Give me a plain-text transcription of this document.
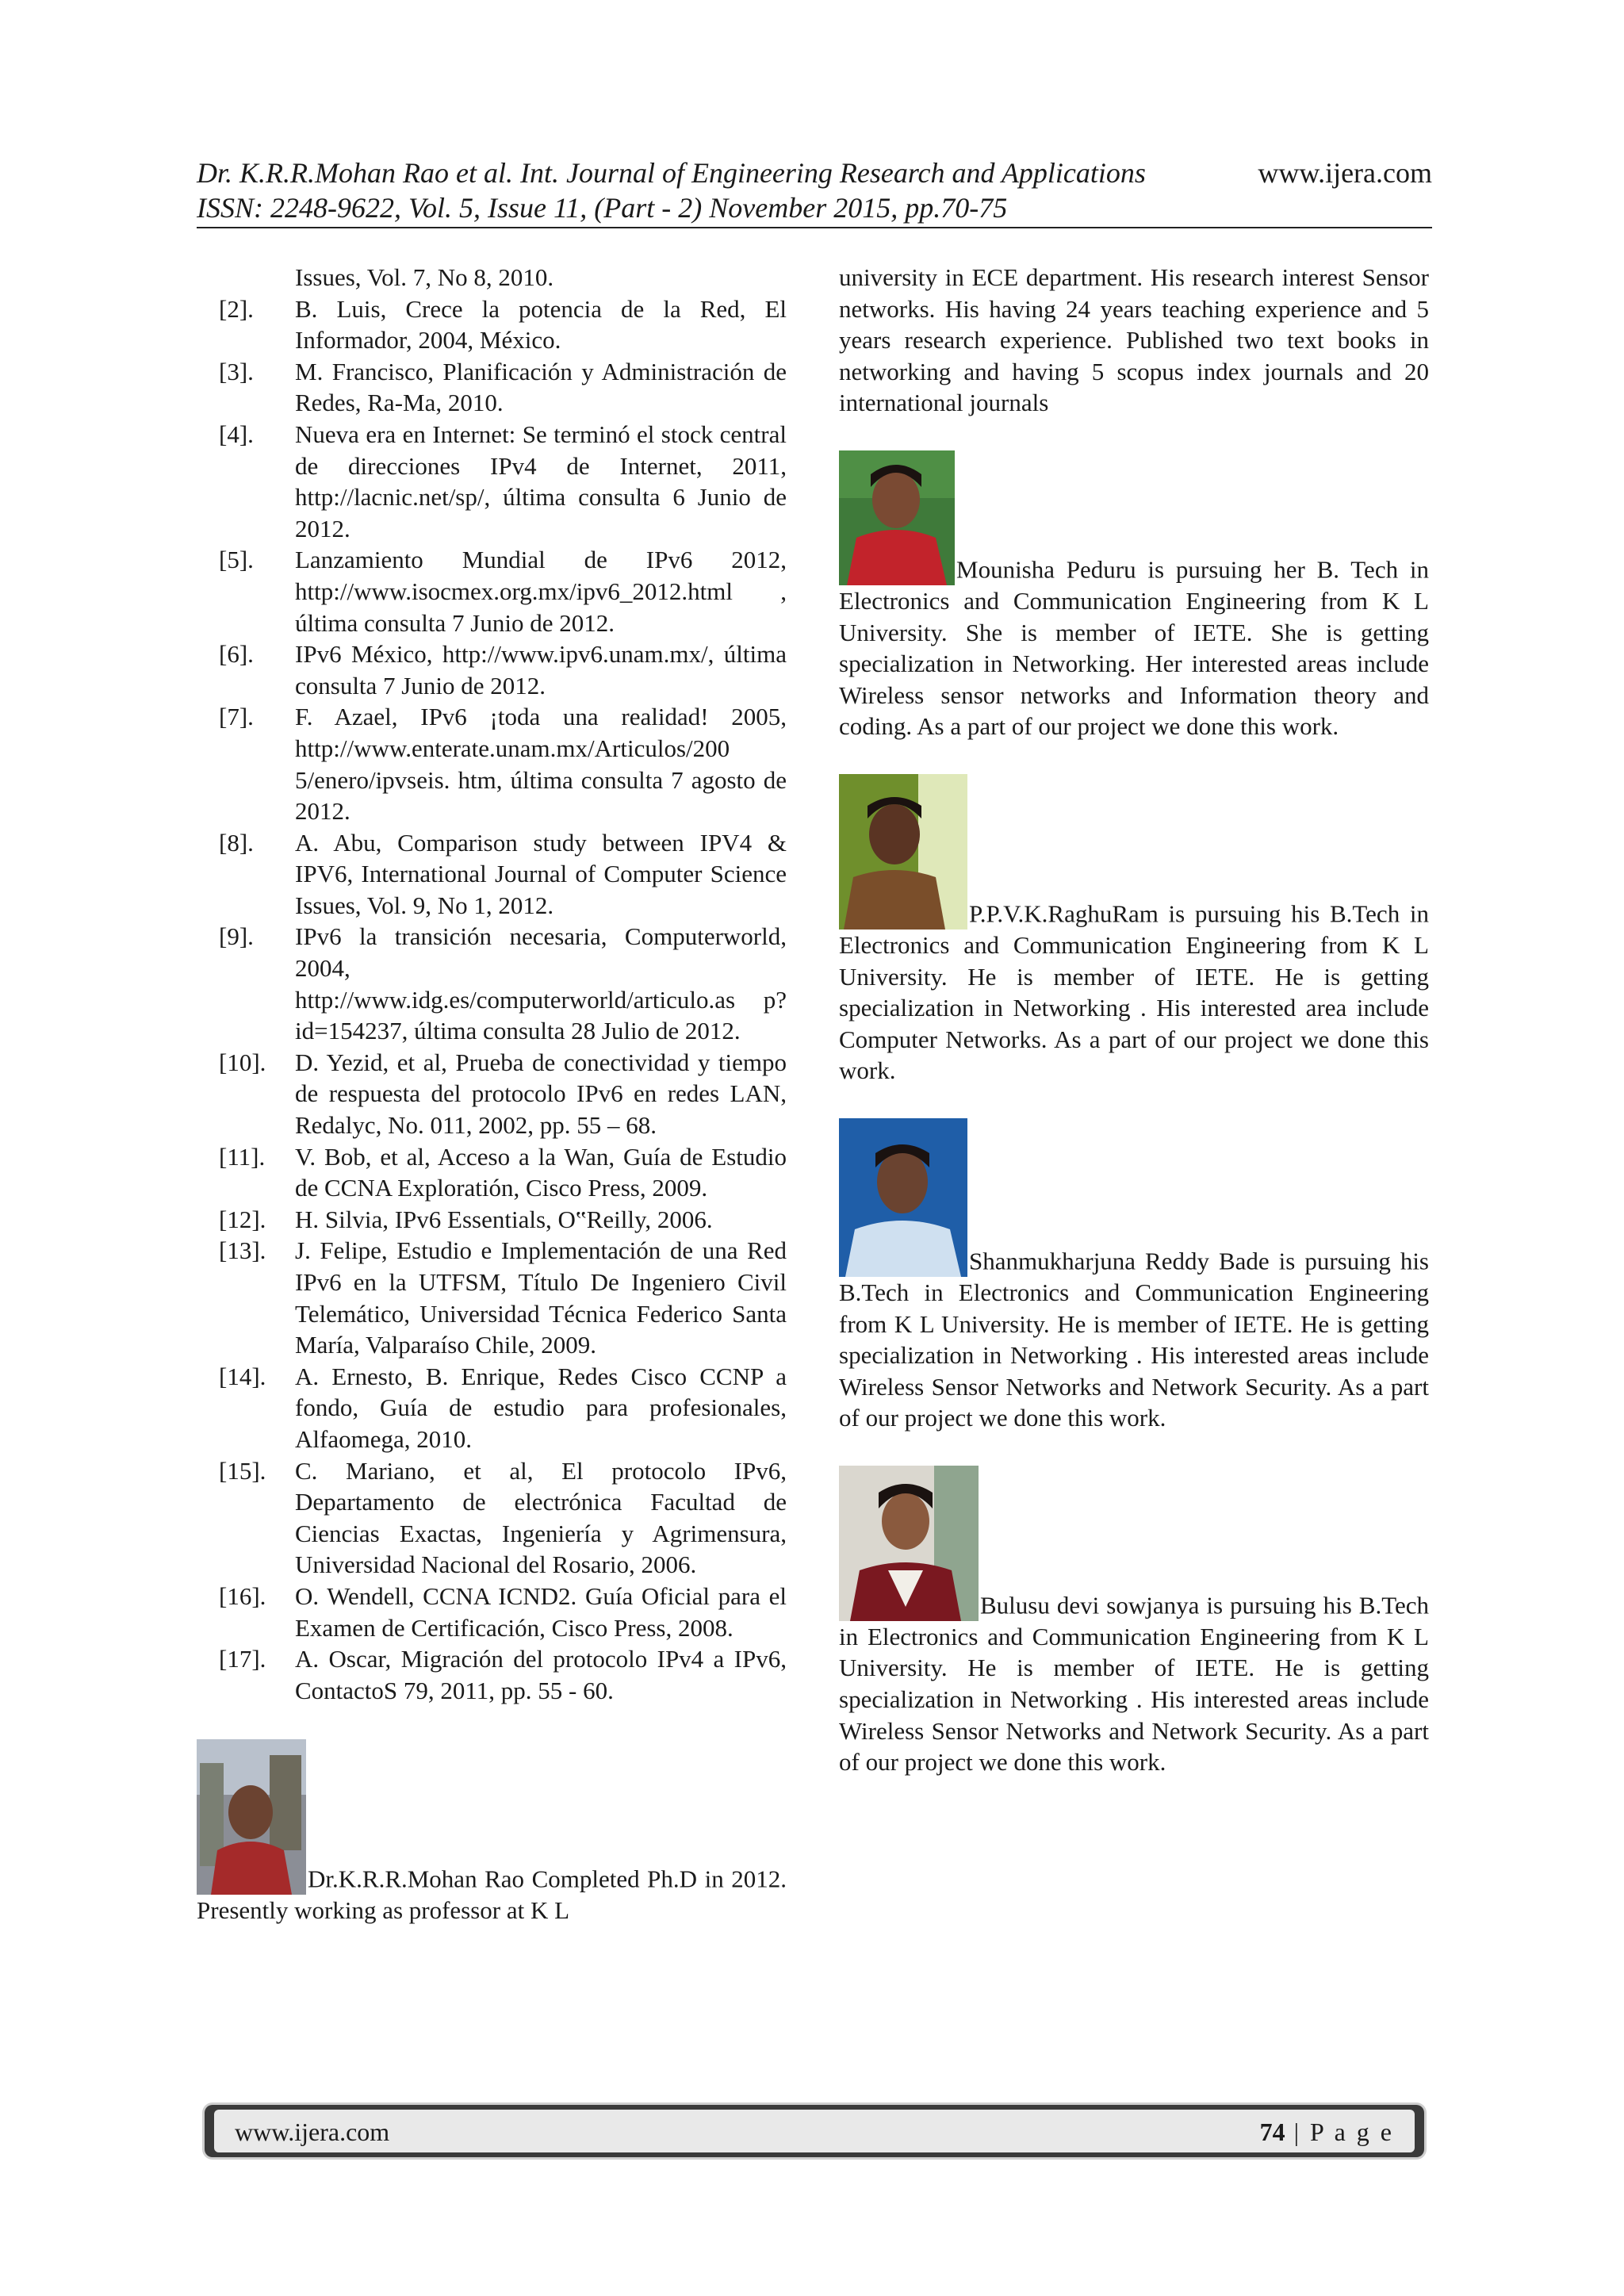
Dr. K.R.R.Mohan Rao et al. Int. Journal of Engineering Research and Applications	www.ijera.com
ISSN: 2248-9622, Vol. 5, Issue 11, (Part - 2) November 2015, pp.70-75
Issues, Vol. 7, No 8, 2010.
[2]. B. Luis, Crece la potencia de la Red, El Informador, 2004, México.
[3]. M. Francisco, Planificación y Administración de Redes, Ra-Ma, 2010.
[4]. Nueva era en Internet: Se terminó el stock central de direcciones IPv4 de Internet, 2011, http://lacnic.net/sp/, última consulta 6 Junio de 2012.
[5]. Lanzamiento Mundial de IPv6 2012, http://www.isocmex.org.mx/ipv6_2012.html , última consulta 7 Junio de 2012.
[6]. IPv6 México, http://www.ipv6.unam.mx/, última consulta 7 Junio de 2012.
[7]. F. Azael, IPv6 ¡toda una realidad! 2005, http://www.enterate.unam.mx/Articulos/200 5/enero/ipvseis. htm, última consulta 7 agosto de 2012.
[8]. A. Abu, Comparison study between IPV4 & IPV6, International Journal of Computer Science Issues, Vol. 9, No 1, 2012.
[9]. IPv6 la transición necesaria, Computerworld, 2004, http://www.idg.es/computerworld/articulo.as p?id=154237, última consulta 28 Julio de 2012.
[10]. D. Yezid, et al, Prueba de conectividad y tiempo de respuesta del protocolo IPv6 en redes LAN, Redalyc, No. 011, 2002, pp. 55 – 68.
[11]. V. Bob, et al, Acceso a la Wan, Guía de Estudio de CCNA Exploratión, Cisco Press, 2009.
[12]. H. Silvia, IPv6 Essentials, O‟Reilly, 2006.
[13]. J. Felipe, Estudio e Implementación de una Red IPv6 en la UTFSM, Título De Ingeniero Civil Telemático, Universidad Técnica Federico Santa María, Valparaíso Chile, 2009.
[14]. A. Ernesto, B. Enrique, Redes Cisco CCNP a fondo, Guía de estudio para profesionales, Alfaomega, 2010.
[15]. C. Mariano, et al, El protocolo IPv6, Departamento de electrónica Facultad de Ciencias Exactas, Ingeniería y Agrimensura, Universidad Nacional del Rosario, 2006.
[16]. O. Wendell, CCNA ICND2. Guía Oficial para el Examen de Certificación, Cisco Press, 2008.
[17]. A. Oscar, Migración del protocolo IPv4 a IPv6, ContactoS 79, 2011, pp. 55 - 60.

Dr.K.R.R.Mohan Rao Completed Ph.D in 2012. Presently working as professor at K L

university in ECE department. His research interest Sensor networks. His having 24 years teaching experience and 5 years research experience. Published two text books in networking and having 5 scopus index journals and 20 international journals

Mounisha Peduru is pursuing her B. Tech in Electronics and Communication Engineering from K L University. She is member of IETE. She is getting specialization in Networking. Her interested areas include Wireless sensor networks and Information theory and coding. As a part of our project we done this work.

P.P.V.K.RaghuRam is pursuing his B.Tech in Electronics and Communication Engineering from K L University. He is member of IETE. He is getting specialization in Networking . His interested area include Computer Networks. As a part of our project we done this work.

Shanmukharjuna Reddy Bade is pursuing his B.Tech in Electronics and Communication Engineering from K L University. He is member of IETE. He is getting specialization in Networking . His interested areas include Wireless Sensor Networks and Network Security. As a part of our project we done this work.

Bulusu devi sowjanya is pursuing his B.Tech in Electronics and Communication Engineering from K L University. He is member of IETE. He is getting specialization in Networking . His interested areas include Wireless Sensor Networks and Network Security. As a part of our project we done this work.

www.ijera.com	74 | P a g e
